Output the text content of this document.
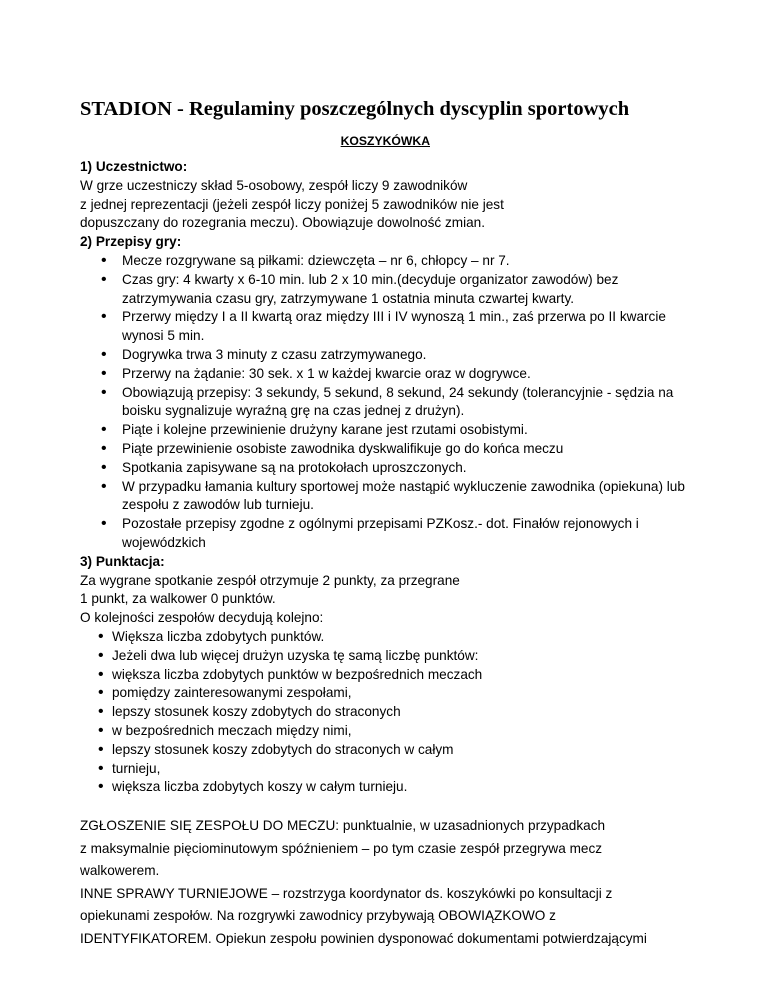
STADION - Regulaminy poszczególnych dyscyplin sportowych
KOSZYKÓWKA
1) Uczestnictwo:
W grze uczestniczy skład 5-osobowy, zespół liczy 9 zawodników
z jednej reprezentacji (jeżeli zespół liczy poniżej 5 zawodników nie jest
dopuszczany do rozegrania meczu). Obowiązuje dowolność zmian.
2) Przepisy gry:
• Mecze rozgrywane są piłkami: dziewczęta – nr 6, chłopcy – nr 7.
• Czas gry: 4 kwarty x 6-10 min. lub 2 x 10 min.(decyduje organizator zawodów) bez zatrzymywania czasu gry, zatrzymywane 1 ostatnia minuta czwartej kwarty.
• Przerwy między I a II kwartą oraz między III i IV wynoszą 1 min., zaś przerwa po II kwarcie wynosi 5 min.
• Dogrywka trwa 3 minuty z czasu zatrzymywanego.
• Przerwy na żądanie: 30 sek. x 1 w każdej kwarcie oraz w dogrywce.
• Obowiązują przepisy: 3 sekundy, 5 sekund, 8 sekund, 24 sekundy (tolerancyjnie - sędzia na boisku sygnalizuje wyraźną grę na czas jednej z drużyn).
• Piąte i kolejne przewinienie drużyny karane jest rzutami osobistymi.
• Piąte przewinienie osobiste zawodnika dyskwalifikuje go do końca meczu
• Spotkania zapisywane są na protokołach uproszczonych.
• W przypadku łamania kultury sportowej może nastąpić wykluczenie zawodnika (opiekuna) lub zespołu z zawodów lub turnieju.
• Pozostałe przepisy zgodne z ogólnymi przepisami PZKosz.- dot. Finałów rejonowych i wojewódzkich
3) Punktacja:
Za wygrane spotkanie zespół otrzymuje 2 punkty, za przegrane
1 punkt, za walkower 0 punktów.
O kolejności zespołów decydują kolejno:
• Większa liczba zdobytych punktów.
• Jeżeli dwa lub więcej drużyn uzyska tę samą liczbę punktów:
• większa liczba zdobytych punktów w bezpośrednich meczach
• pomiędzy zainteresowanymi zespołami,
• lepszy stosunek koszy zdobytych do straconych
• w bezpośrednich meczach między nimi,
• lepszy stosunek koszy zdobytych do straconych w całym
• turnieju,
• większa liczba zdobytych koszy w całym turnieju.
ZGŁOSZENIE SIĘ ZESPOŁU DO MECZU: punktualnie, w uzasadnionych przypadkach
z maksymalnie pięciominutowym spóźnieniem – po tym czasie zespół przegrywa mecz
walkowerem.
INNE SPRAWY TURNIEJOWE – rozstrzyga koordynator ds. koszykówki po konsultacji z
opiekunami zespołów. Na rozgrywki zawodnicy przybywają OBOWIĄZKOWO z
IDENTYFIKATOREM. Opiekun zespołu powinien dysponować dokumentami potwierdzającymi
